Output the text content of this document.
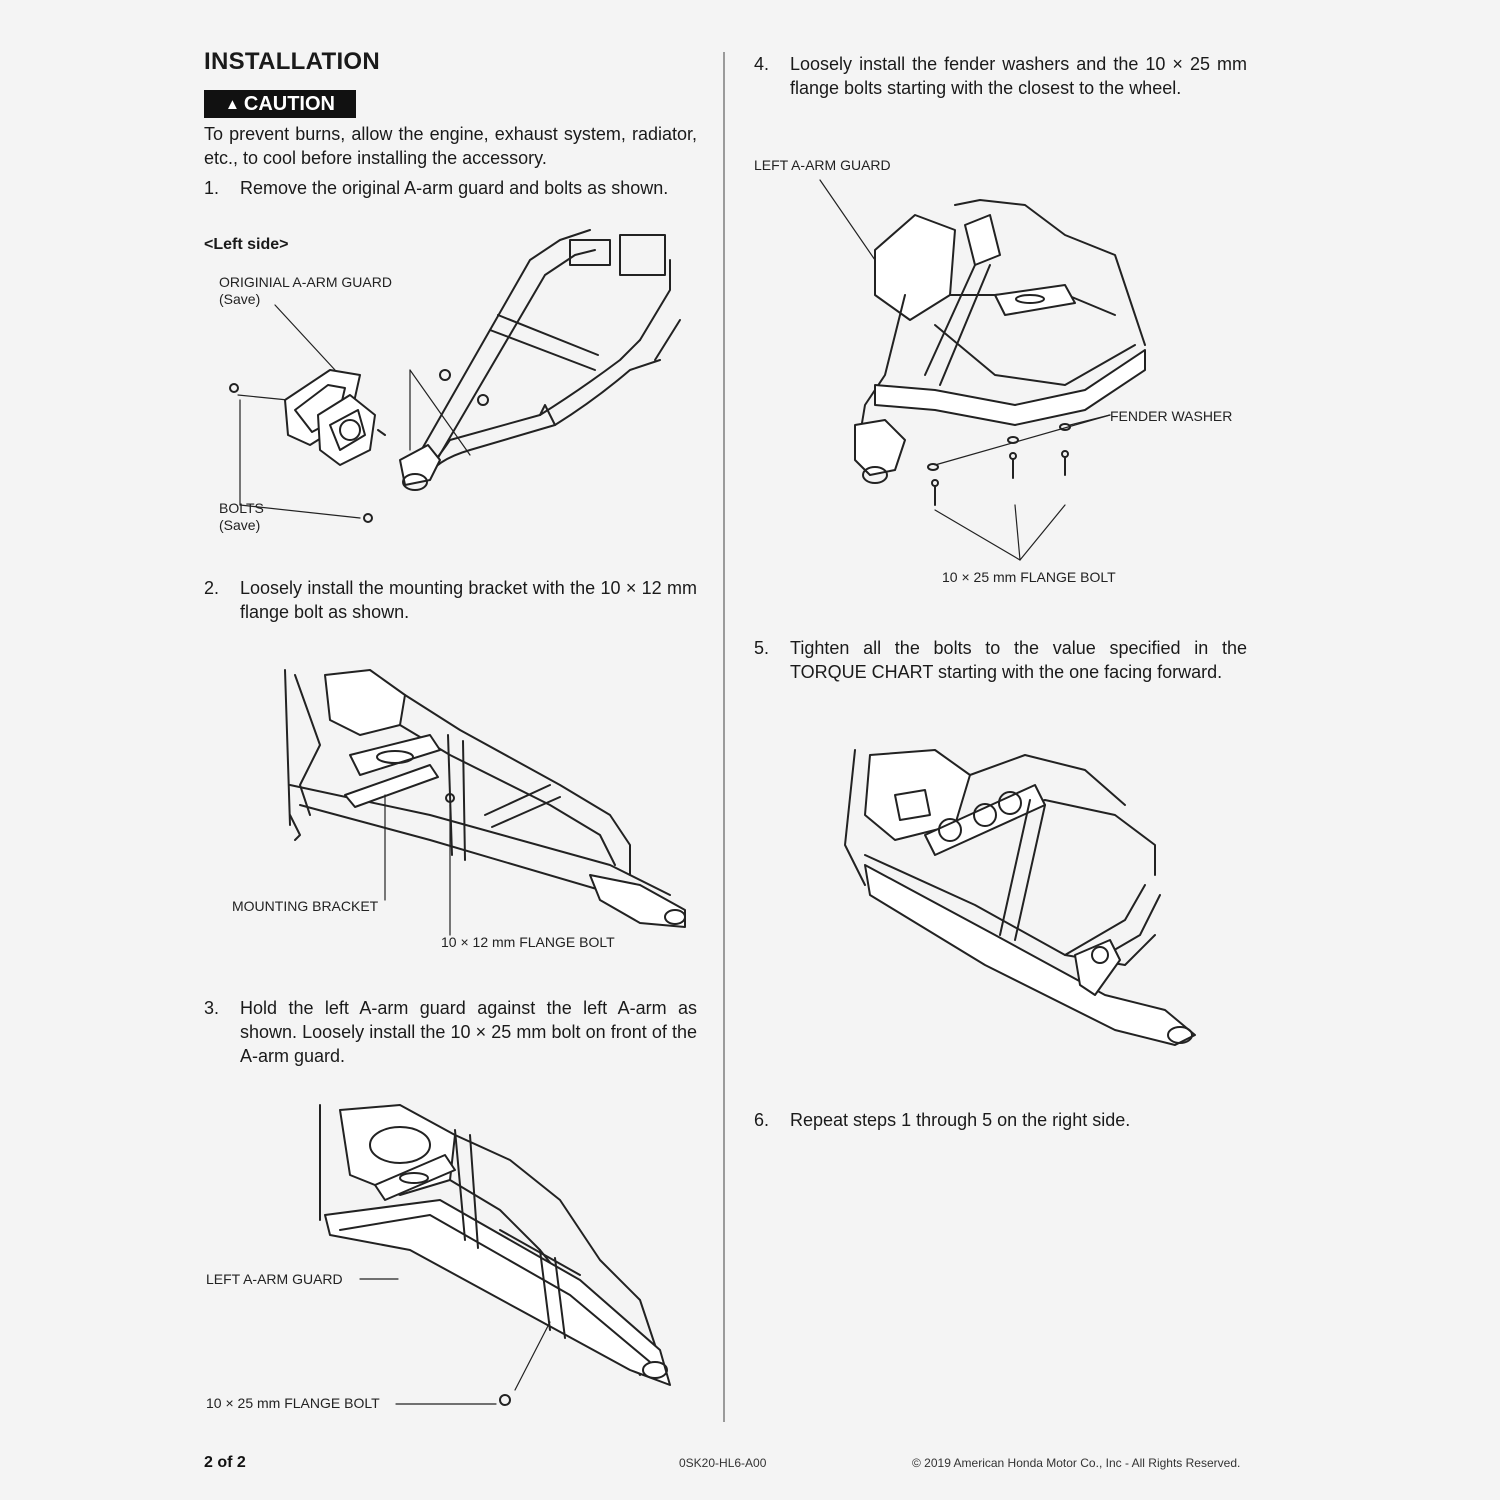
INSTALLATION
▲ CAUTION
To prevent burns, allow the engine, exhaust system, radiator, etc., to cool before installing the accessory.
1. Remove the original A-arm guard and bolts as shown.
<Left side>
ORIGINIAL A-ARM GUARD
(Save)
BOLTS
(Save)
2. Loosely install the mounting bracket with the 10 × 12 mm flange bolt as shown.
MOUNTING BRACKET
10 × 12 mm FLANGE BOLT
3. Hold the left A-arm guard against the left A-arm as shown. Loosely install the 10 × 25 mm bolt on front of the A-arm guard.
LEFT A-ARM GUARD
10 × 25 mm FLANGE BOLT
4. Loosely install the fender washers and the 10 × 25 mm flange bolts starting with the closest to the wheel.
LEFT A-ARM GUARD
FENDER WASHER
10 × 25 mm FLANGE BOLT
5. Tighten all the bolts to the value specified in the TORQUE CHART starting with the one facing forward.
6. Repeat steps 1 through 5 on the right side.
2 of 2	0SK20-HL6-A00	© 2019 American Honda Motor Co., Inc - All Rights Reserved.
